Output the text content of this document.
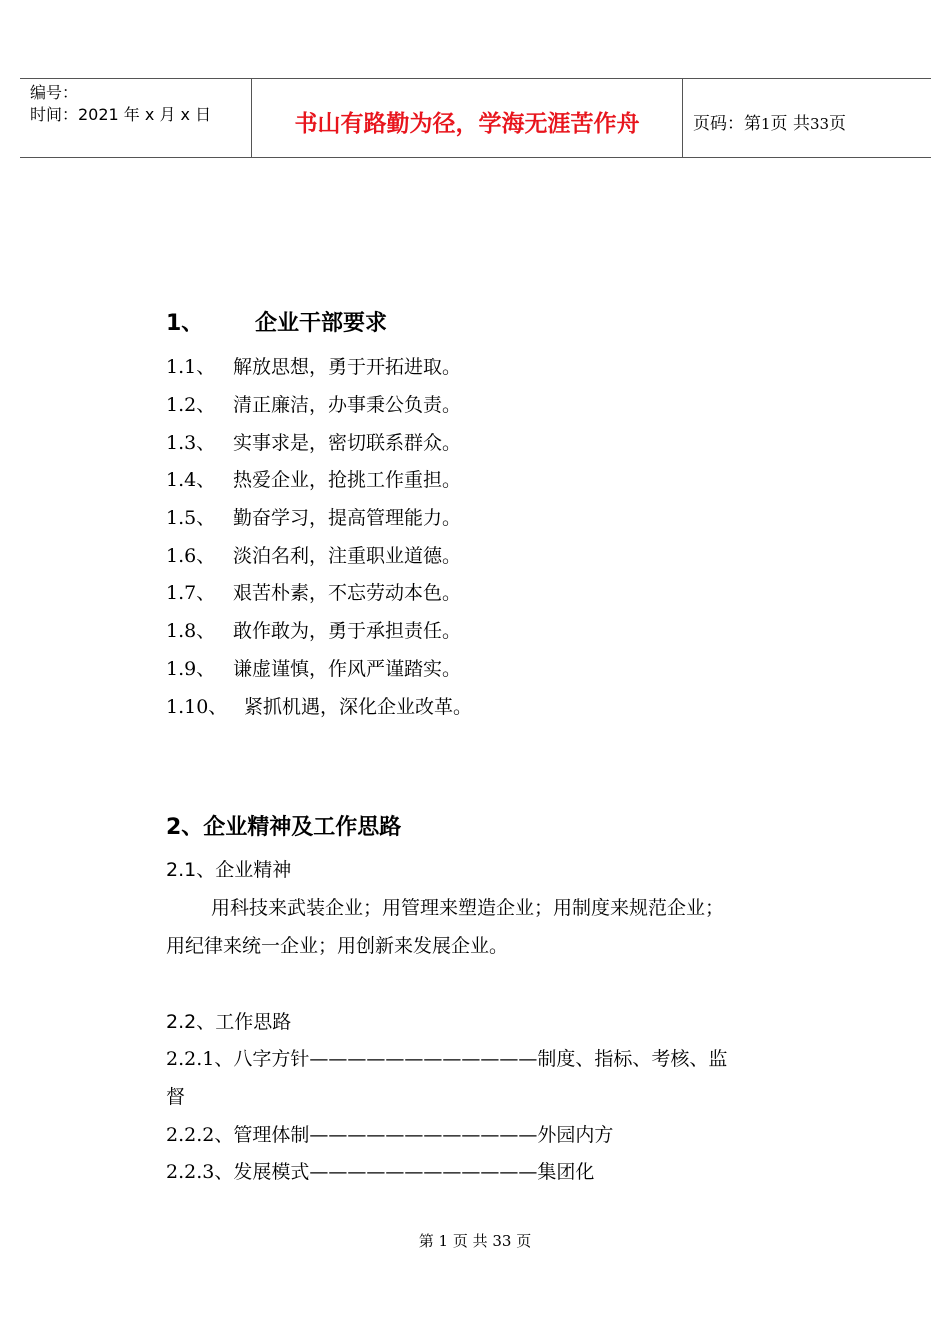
编号：
时间：2021 年 x 月 x 日	书山有路勤为径，学海无涯苦作舟	页码：第1页 共33页
1、 企业干部要求
1.1、 解放思想，勇于开拓进取。
1.2、 清正廉洁，办事秉公负责。
1.3、 实事求是，密切联系群众。
1.4、 热爱企业，抢挑工作重担。
1.5、 勤奋学习，提高管理能力。
1.6、 淡泊名利，注重职业道德。
1.7、 艰苦朴素，不忘劳动本色。
1.8、 敢作敢为，勇于承担责任。
1.9、 谦虚谨慎，作风严谨踏实。
1.10、 紧抓机遇，深化企业改革。
2、企业精神及工作思路
2.1、企业精神
用科技来武装企业；用管理来塑造企业；用制度来规范企业；
用纪律来统一企业；用创新来发展企业。
2.2、工作思路
2.2.1、八字方针————————————制度、指标、考核、监
督
2.2.2、管理体制————————————外园内方
2.2.3、发展模式————————————集团化
第 1 页 共 33 页
